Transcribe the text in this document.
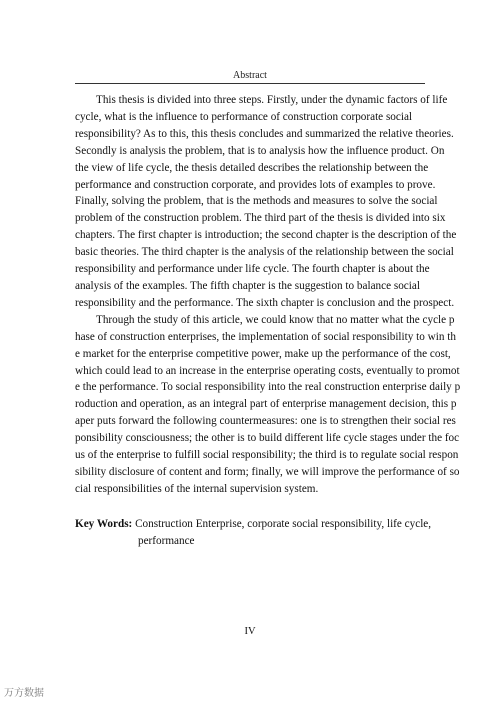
Abstract
This thesis is divided into three steps. Firstly, under the dynamic factors of life
cycle, what is the influence to performance of construction corporate social
responsibility? As to this, this thesis concludes and summarized the relative theories.
Secondly is analysis the problem, that is to analysis how the influence product. On
the view of life cycle, the thesis detailed describes the relationship between the
performance and construction corporate, and provides lots of examples to prove.
Finally, solving the problem, that is the methods and measures to solve the social
problem of the construction problem. The third part of the thesis is divided into six
chapters. The first chapter is introduction; the second chapter is the description of the
basic theories. The third chapter is the analysis of the relationship between the social
responsibility and performance under life cycle. The fourth chapter is about the
analysis of the examples. The fifth chapter is the suggestion to balance social
responsibility and the performance. The sixth chapter is conclusion and the prospect.
Through the study of this article, we could know that no matter what the cycle p
hase of construction enterprises, the implementation of social responsibility to win th
e market for the enterprise competitive power, make up the performance of the cost,
which could lead to an increase in the enterprise operating costs, eventually to promot
e the performance. To social responsibility into the real construction enterprise daily p
roduction and operation, as an integral part of enterprise management decision, this p
aper puts forward the following countermeasures: one is to strengthen their social res
ponsibility consciousness; the other is to build different life cycle stages under the foc
us of the enterprise to fulfill social responsibility; the third is to regulate social respon
sibility disclosure of content and form; finally, we will improve the performance of so
cial responsibilities of the internal supervision system.
Key Words: Construction Enterprise, corporate social responsibility, life cycle,
performance
IV
万方数据
